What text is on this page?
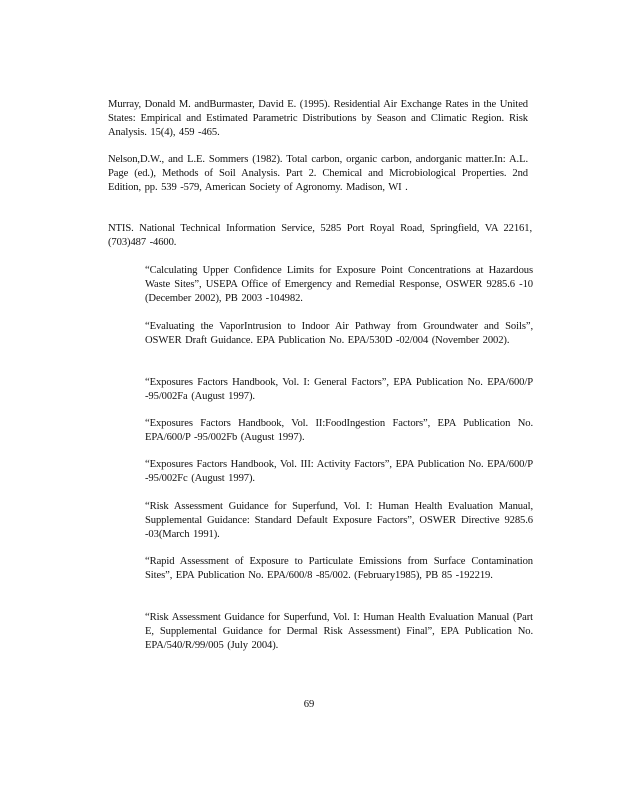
Murray, Donald M. andBurmaster, David E. (1995). Residential Air Exchange Rates in the United States: Empirical and Estimated Parametric Distributions by Season and Climatic Region. Risk Analysis. 15(4), 459 -465.

Nelson,D.W., and L.E. Sommers (1982). Total carbon, organic carbon, andorganic matter.In: A.L. Page (ed.), Methods of Soil Analysis. Part 2. Chemical and Microbiological Properties. 2nd Edition, pp. 539 -579, American Society of Agronomy. Madison, WI .

NTIS. National Technical Information Service, 5285 Port Royal Road, Springfield, VA 22161, (703)487 -4600.

“Calculating Upper Confidence Limits for Exposure Point Concentrations at Hazardous Waste Sites”, USEPA Office of Emergency and Remedial Response, OSWER 9285.6 -10 (December 2002), PB 2003 -104982.

“Evaluating the VaporIntrusion to Indoor Air Pathway from Groundwater and Soils”, OSWER Draft Guidance. EPA Publication No. EPA/530D -02/004 (November 2002).

“Exposures Factors Handbook, Vol. I: General Factors”, EPA Publication No. EPA/600/P -95/002Fa (August 1997).

“Exposures Factors Handbook, Vol. II:FoodIngestion Factors”, EPA Publication No. EPA/600/P -95/002Fb (August 1997).

“Exposures Factors Handbook, Vol. III: Activity Factors”, EPA Publication No. EPA/600/P -95/002Fc (August 1997).

“Risk Assessment Guidance for Superfund, Vol. I: Human Health Evaluation Manual, Supplemental Guidance: Standard Default Exposure Factors”, OSWER Directive 9285.6 -03(March 1991).

“Rapid Assessment of Exposure to Particulate Emissions from Surface Contamination Sites”, EPA Publication No. EPA/600/8 -85/002. (February1985), PB 85 -192219.

“Risk Assessment Guidance for Superfund, Vol. I: Human Health Evaluation Manual (Part E, Supplemental Guidance for Dermal Risk Assessment) Final”, EPA Publication No. EPA/540/R/99/005 (July 2004).

69
